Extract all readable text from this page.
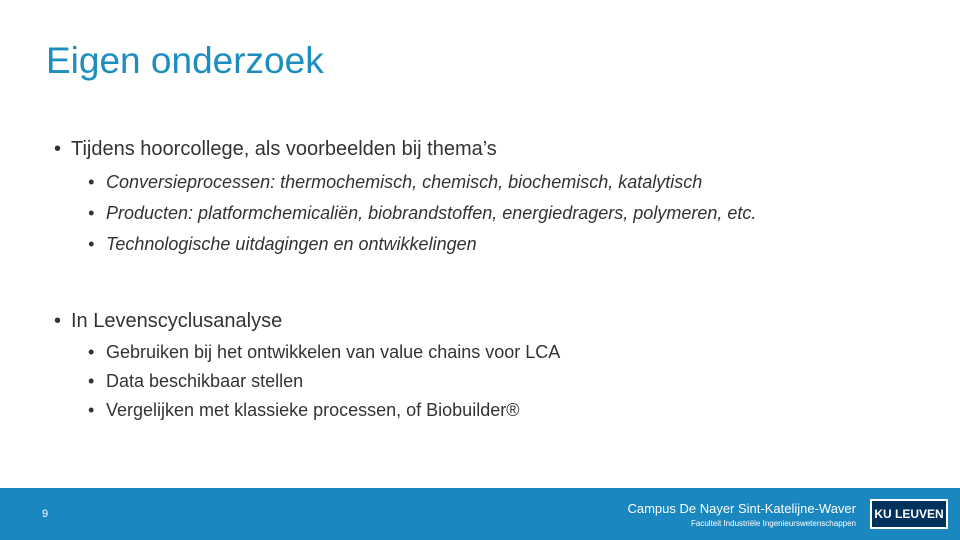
Eigen onderzoek
• Tijdens hoorcollege, als voorbeelden bij thema’s
• Conversieprocessen: thermochemisch, chemisch, biochemisch, katalytisch
• Producten: platformchemicaliën, biobrandstoffen, energiedragers, polymeren, etc.
• Technologische uitdagingen en ontwikkelingen
• In Levenscyclusanalyse
• Gebruiken bij het ontwikkelen van value chains voor LCA
• Data beschikbaar stellen
• Vergelijken met klassieke processen, of Biobuilder®
9	Campus De Nayer Sint-Katelijne-Waver
Faculteit Industriële Ingenieurswetenschappen
KU LEUVEN
